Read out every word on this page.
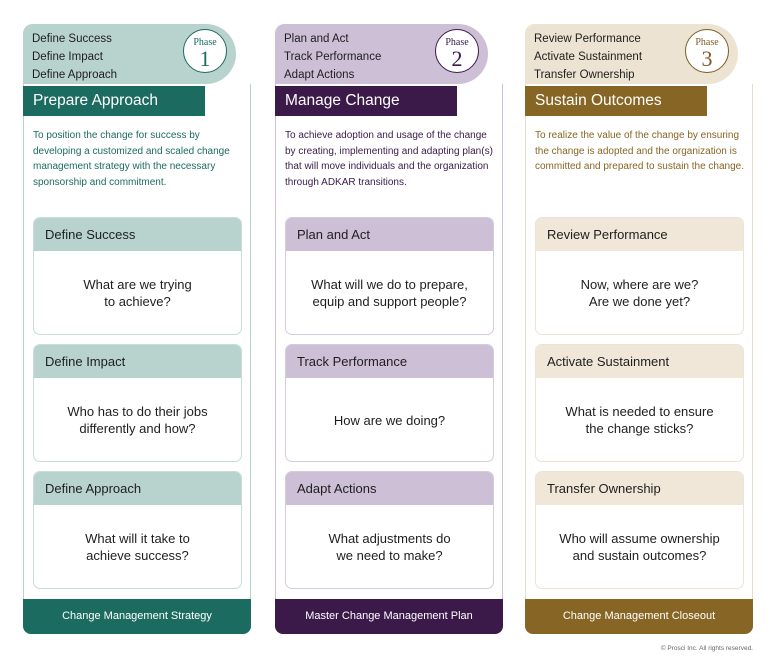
Define Success
Define Impact
Define Approach
Phase
1
Prepare Approach
To position the change for success by developing a customized and scaled change management strategy with the necessary sponsorship and commitment.
Define Success
What are we trying
to achieve?
Define Impact
Who has to do their jobs
differently and how?
Define Approach
What will it take to
achieve success?
Change Management Strategy
Plan and Act
Track Performance
Adapt Actions
Phase
2
Manage Change
To achieve adoption and usage of the change by creating, implementing and adapting plan(s) that will move individuals and the organization through ADKAR transitions.
Plan and Act
What will we do to prepare,
equip and support people?
Track Performance
How are we doing?
Adapt Actions
What adjustments do
we need to make?
Master Change Management Plan
Review Performance
Activate Sustainment
Transfer Ownership
Phase
3
Sustain Outcomes
To realize the value of the change by ensuring the change is adopted and the organization is committed and prepared to sustain the change.
Review Performance
Now, where are we?
Are we done yet?
Activate Sustainment
What is needed to ensure
the change sticks?
Transfer Ownership
Who will assume ownership
and sustain outcomes?
Change Management Closeout
© Prosci Inc. All rights reserved.
